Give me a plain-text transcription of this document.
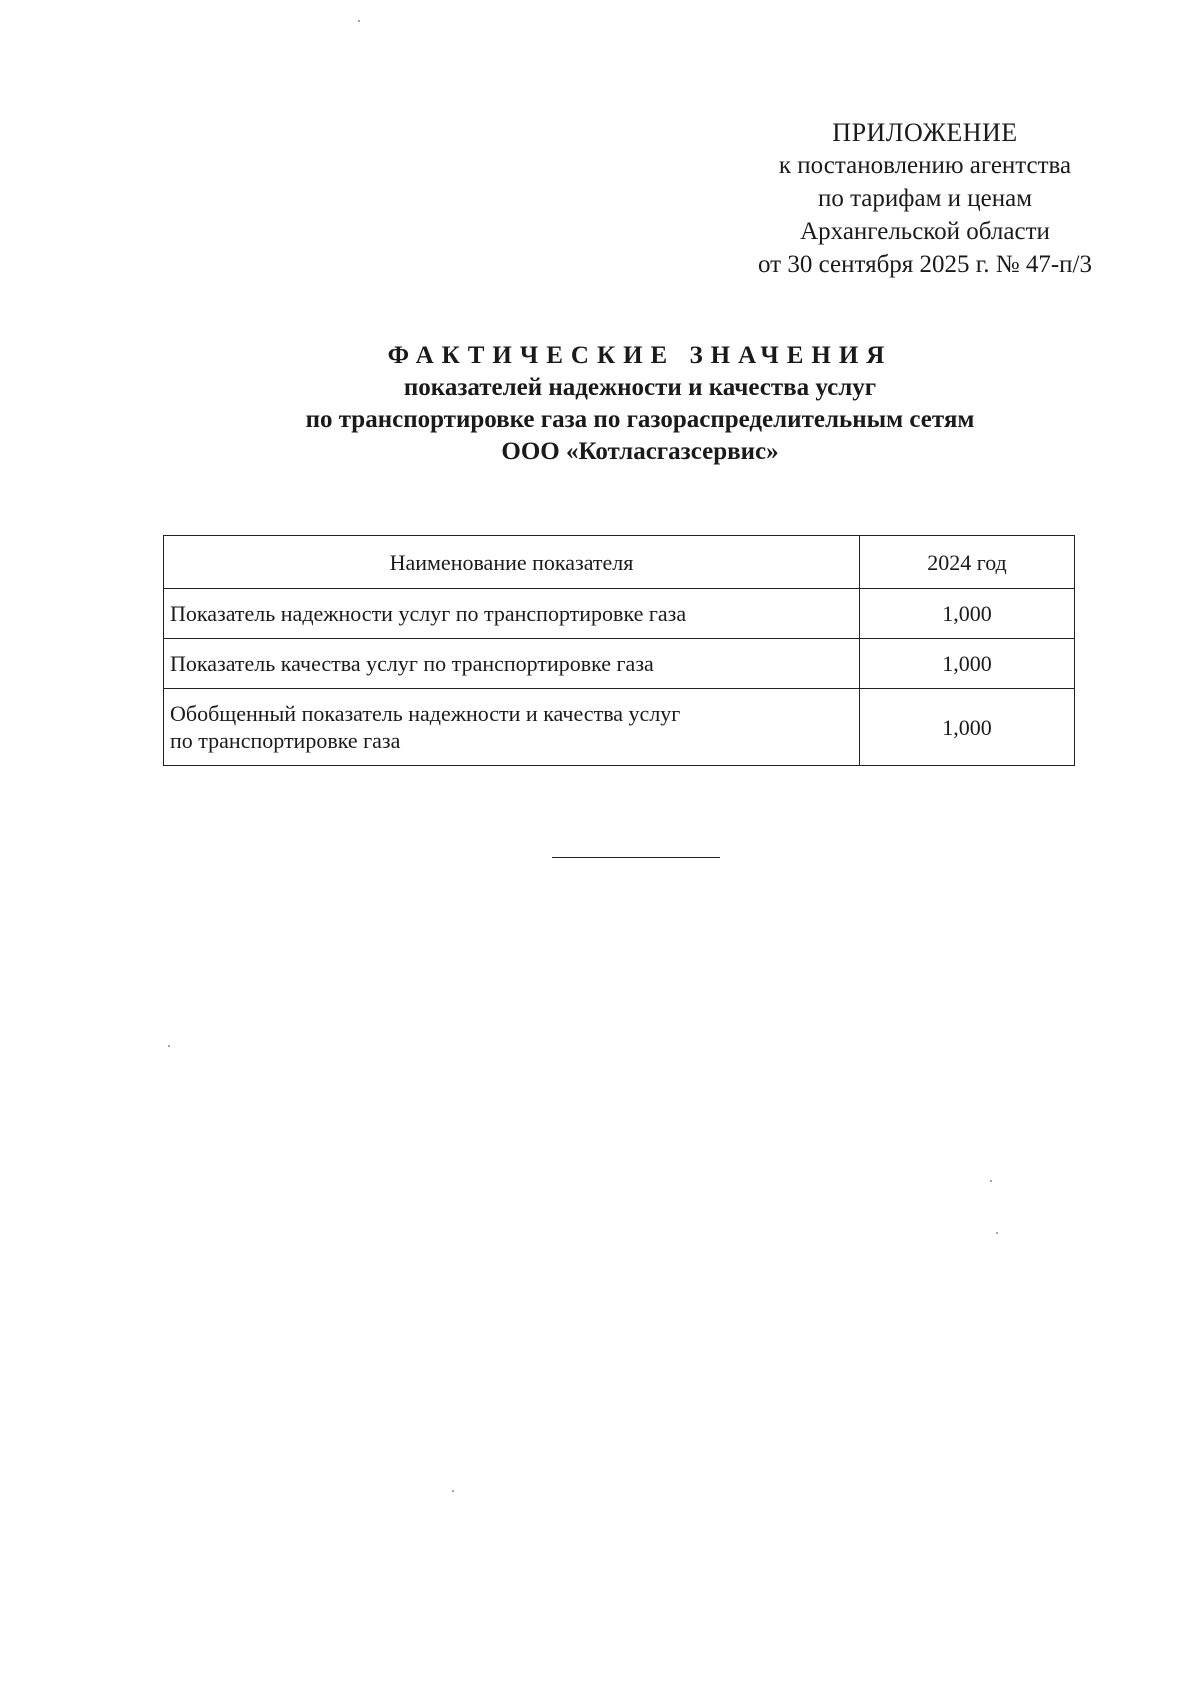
ПРИЛОЖЕНИЕ
к постановлению агентства
по тарифам и ценам
Архангельской области
от 30 сентября 2025 г. № 47-п/3
ФАКТИЧЕСКИЕ ЗНАЧЕНИЯ
показателей надежности и качества услуг
по транспортировке газа по газораспределительным сетям
ООО «Котласгазсервис»
Наименование показателя	2024 год
Показатель надежности услуг по транспортировке газа	1,000
Показатель качества услуг по транспортировке газа	1,000

Обобщенный показатель надежности и качества услуг
по транспортировке газа	1,000
